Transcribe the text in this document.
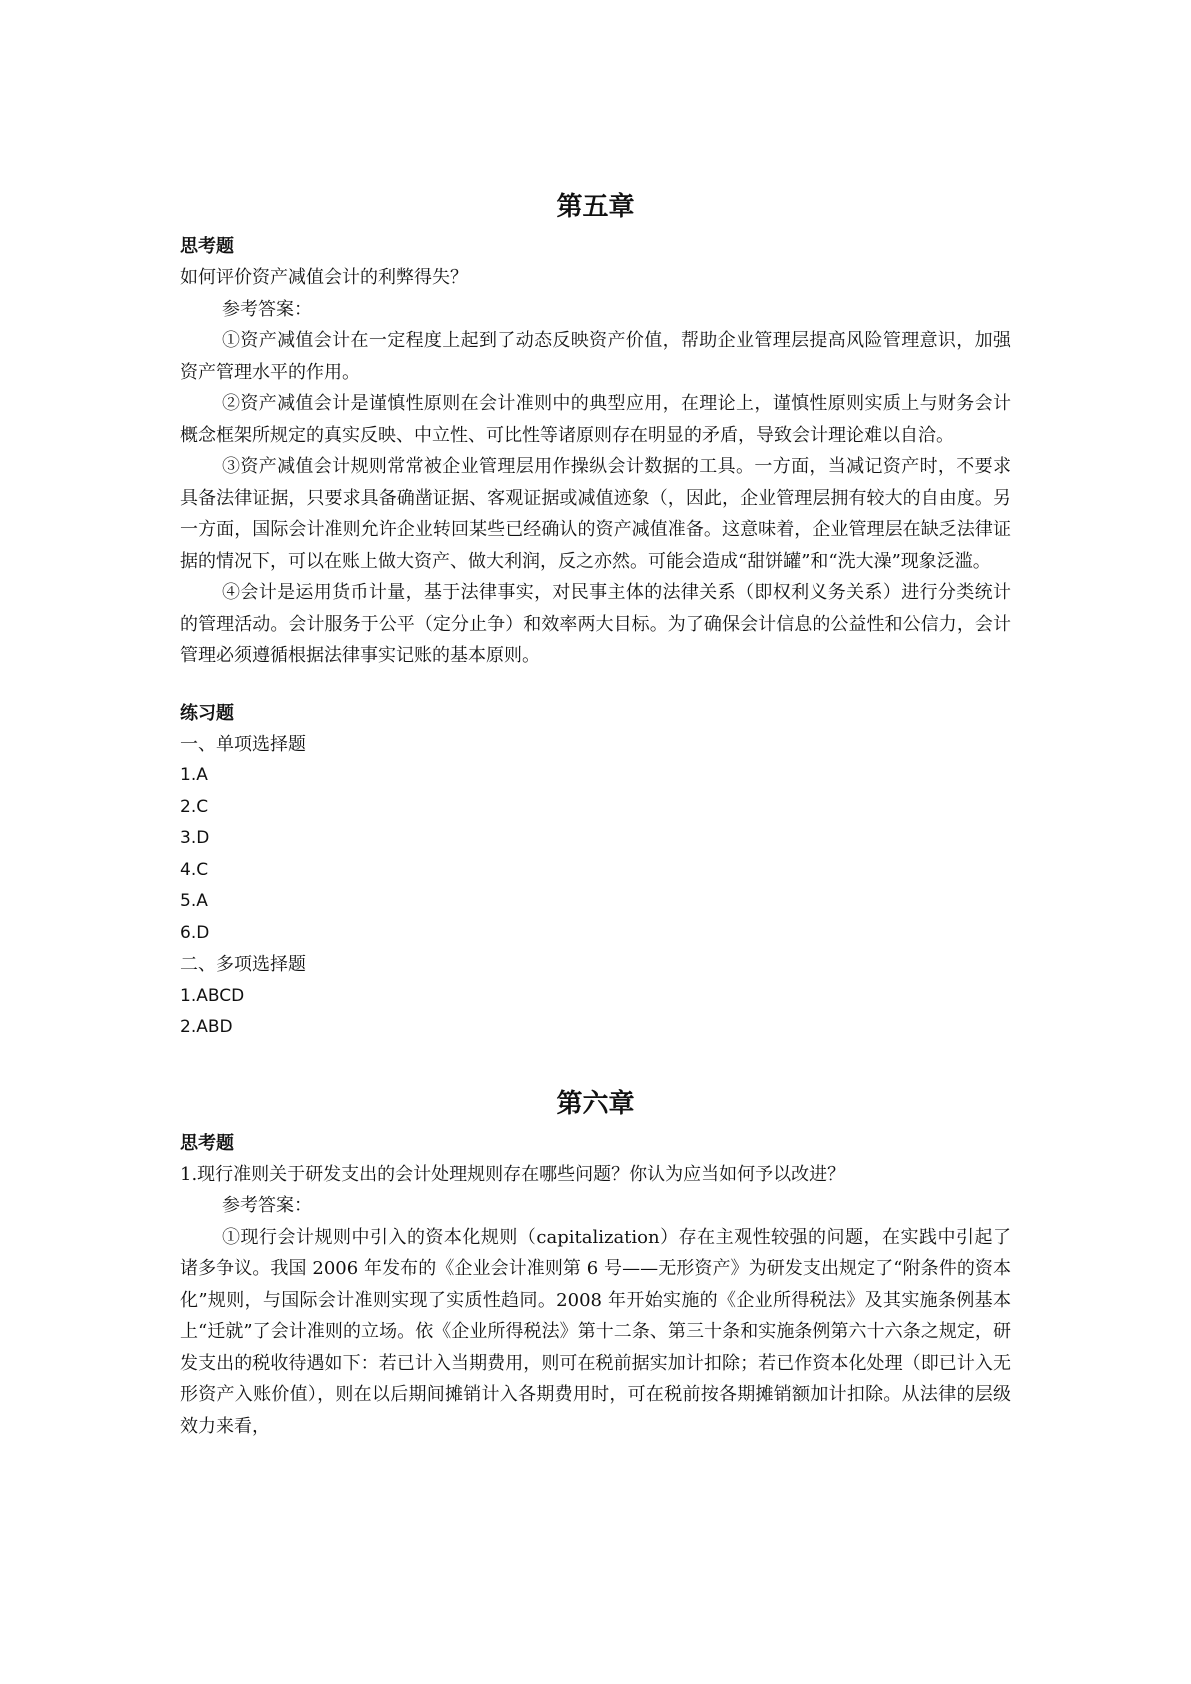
第五章
思考题
如何评价资产减值会计的利弊得失？
参考答案：

①资产减值会计在一定程度上起到了动态反映资产价值，帮助企业管理层提高风险管理意识，加强资产管理水平的作用。

②资产减值会计是谨慎性原则在会计准则中的典型应用，在理论上，谨慎性原则实质上与财务会计概念框架所规定的真实反映、中立性、可比性等诸原则存在明显的矛盾，导致会计理论难以自洽。

③资产减值会计规则常常被企业管理层用作操纵会计数据的工具。一方面，当减记资产时，不要求具备法律证据，只要求具备确凿证据、客观证据或减值迹象（，因此，企业管理层拥有较大的自由度。另一方面，国际会计准则允许企业转回某些已经确认的资产减值准备。这意味着，企业管理层在缺乏法律证据的情况下，可以在账上做大资产、做大利润，反之亦然。可能会造成“甜饼罐”和“洗大澡”现象泛滥。

④会计是运用货币计量，基于法律事实，对民事主体的法律关系（即权利义务关系）进行分类统计的管理活动。会计服务于公平（定分止争）和效率两大目标。为了确保会计信息的公益性和公信力，会计管理必须遵循根据法律事实记账的基本原则。

练习题
一、单项选择题
1.A
2.C
3.D
4.C
5.A
6.D
二、多项选择题
1.ABCD
2.ABD
第六章
思考题
1.现行准则关于研发支出的会计处理规则存在哪些问题？你认为应当如何予以改进？
参考答案：

①现行会计规则中引入的资本化规则（capitalization）存在主观性较强的问题，在实践中引起了诸多争议。我国 2006 年发布的《企业会计准则第 6 号——无形资产》为研发支出规定了“附条件的资本化”规则，与国际会计准则实现了实质性趋同。2008 年开始实施的《企业所得税法》及其实施条例基本上“迁就”了会计准则的立场。依《企业所得税法》第十二条、第三十条和实施条例第六十六条之规定，研发支出的税收待遇如下：若已计入当期费用，则可在税前据实加计扣除；若已作资本化处理（即已计入无形资产入账价值），则在以后期间摊销计入各期费用时，可在税前按各期摊销额加计扣除。从法律的层级效力来看，
